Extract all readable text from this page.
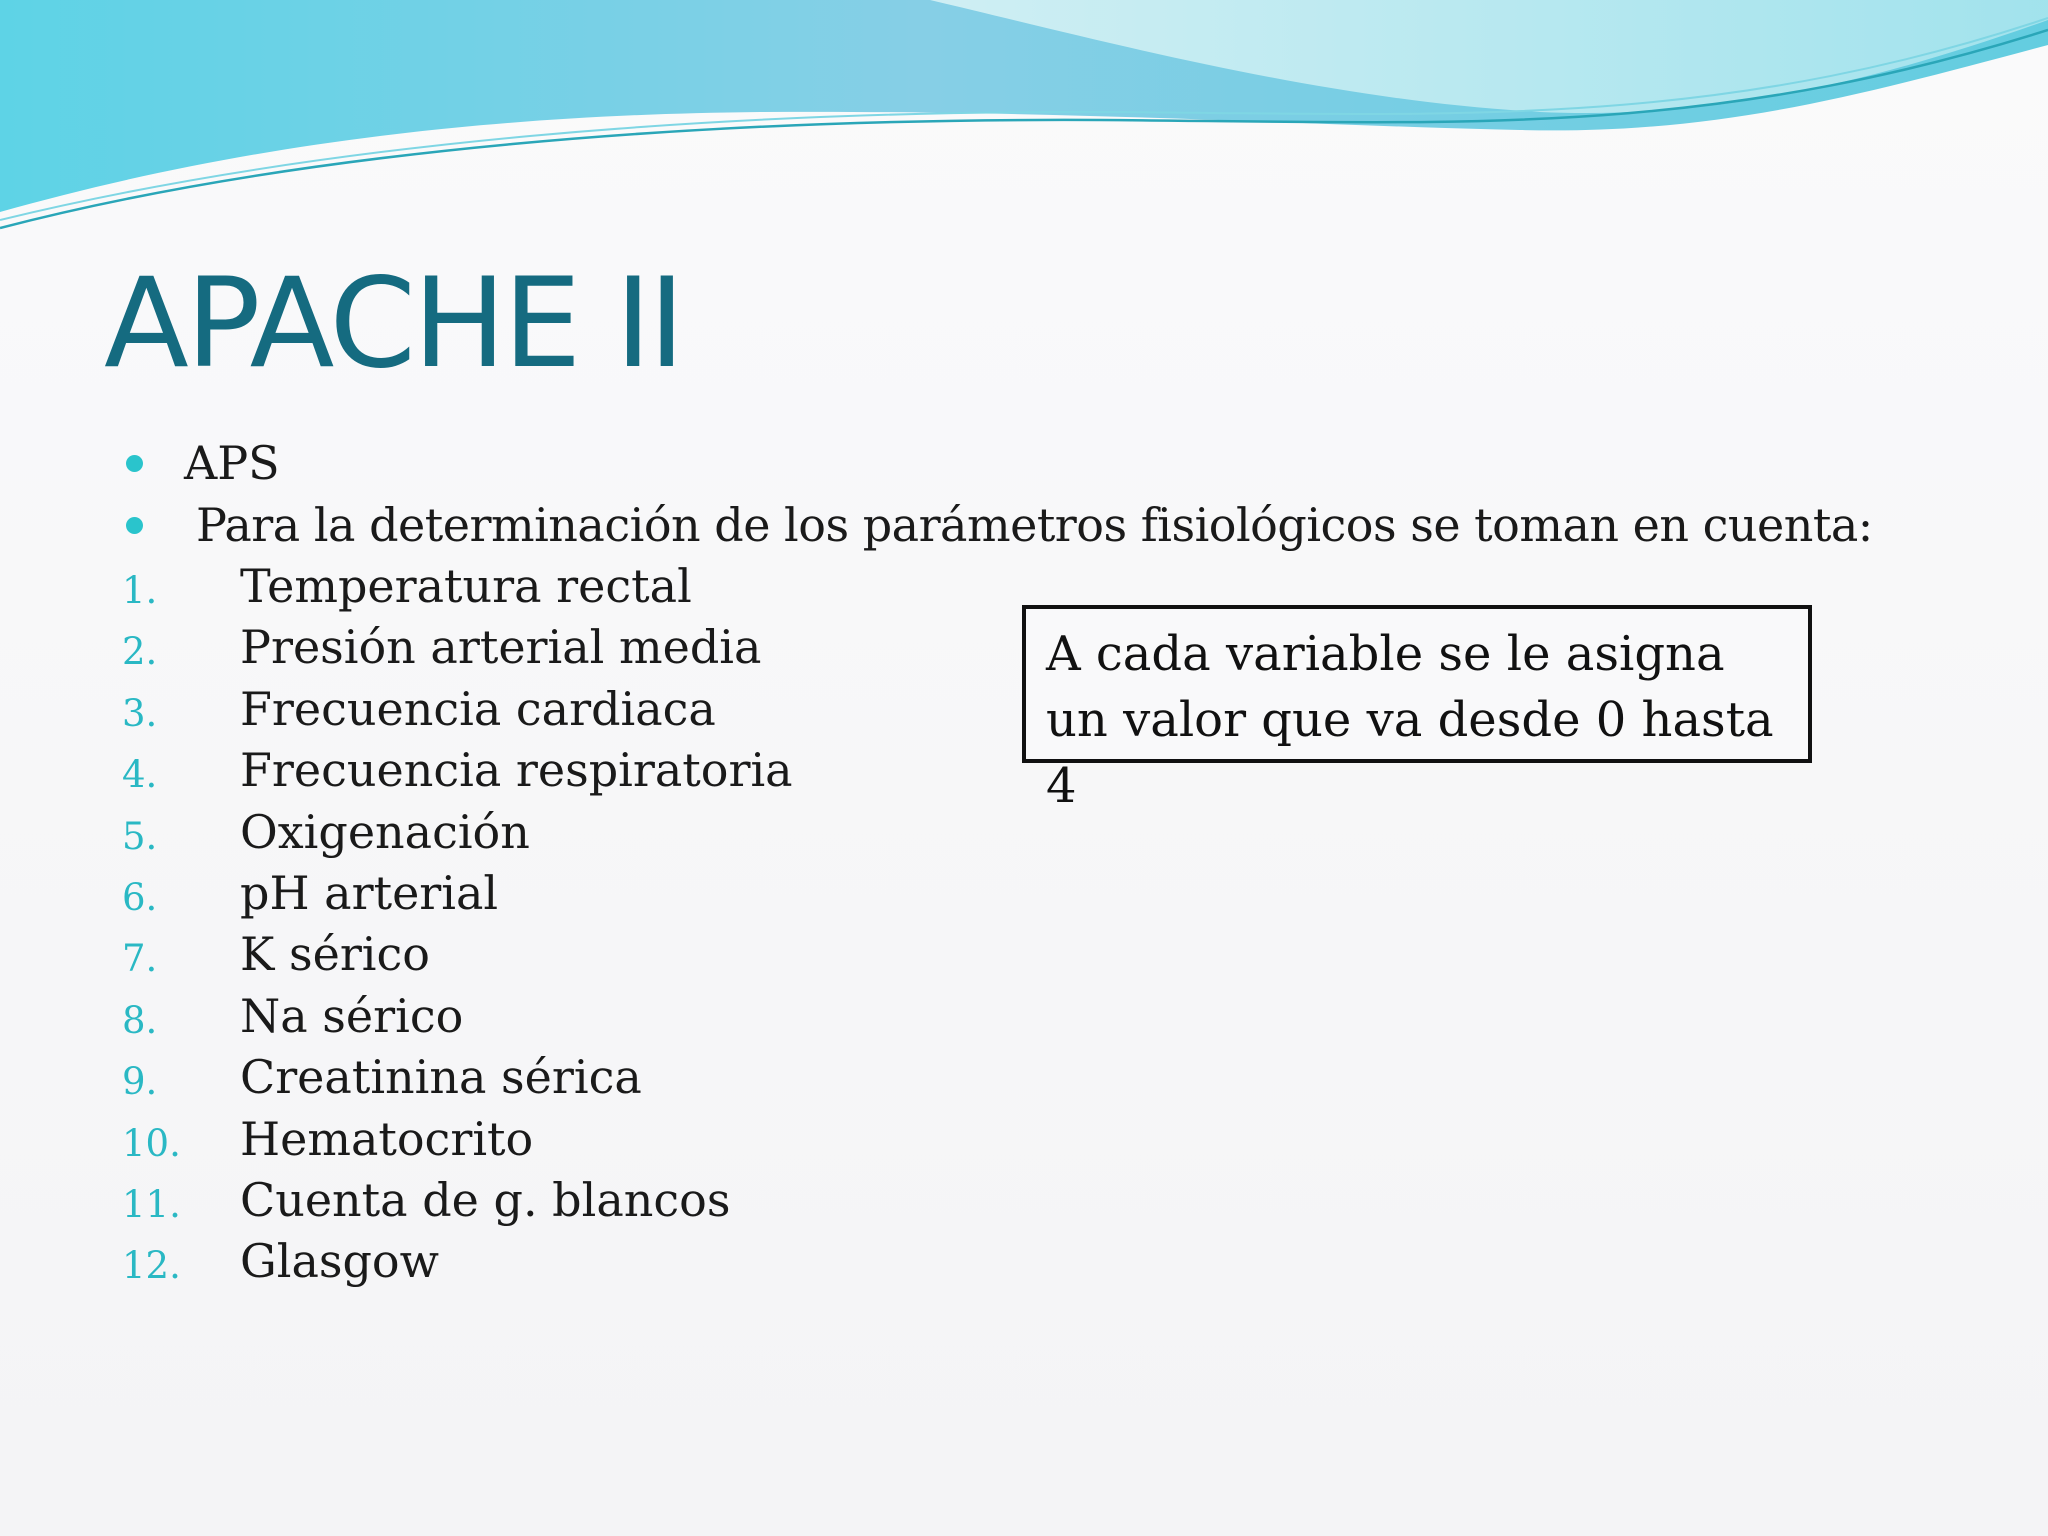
APACHE II
APS
Para la determinación de los parámetros fisiológicos se toman en cuenta:
1. Temperatura rectal
2. Presión arterial media
3. Frecuencia cardiaca
4. Frecuencia respiratoria
5. Oxigenación
6. pH arterial
7. K sérico
8. Na sérico
9. Creatinina sérica
10. Hematocrito
11. Cuenta de g. blancos
12. Glasgow
A cada variable se le asigna un valor que va desde 0 hasta 4
